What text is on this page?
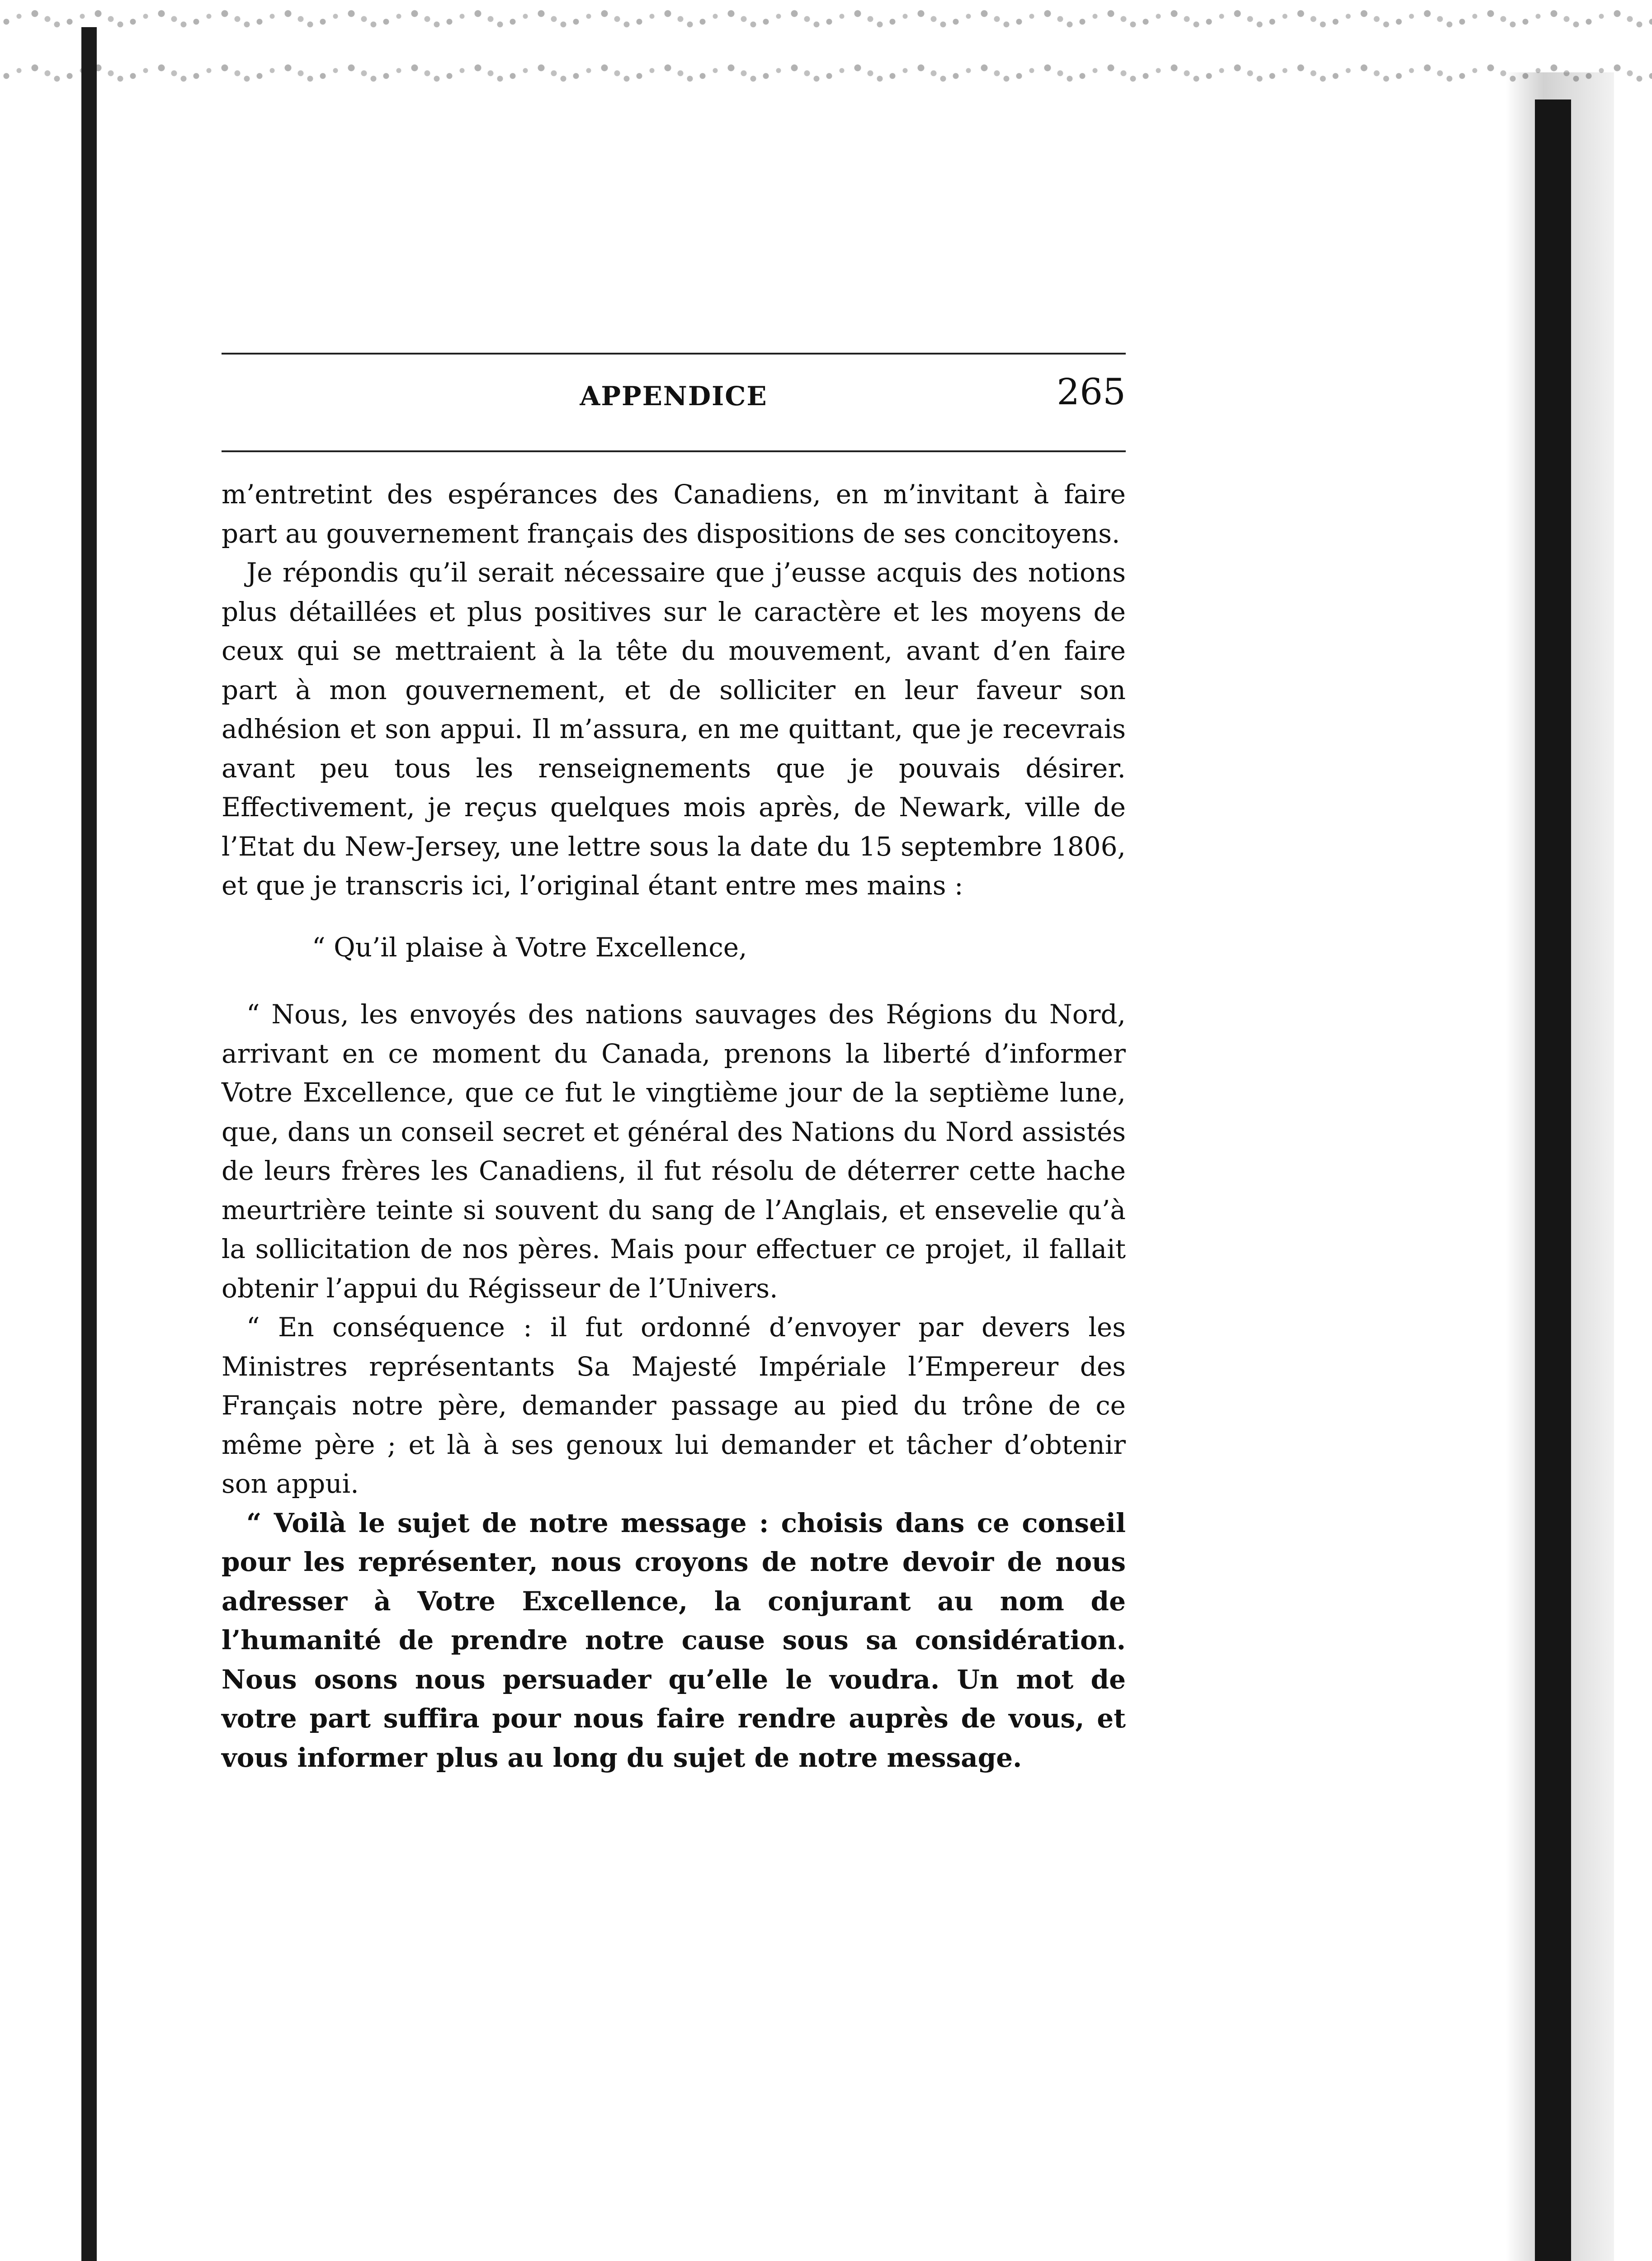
APPENDICE	265

m’entretint des espérances des Canadiens, en m’invitant à faire part au gouvernement français des dispositions de ses concitoyens.

Je répondis qu’il serait nécessaire que j’eusse acquis des notions plus détaillées et plus positives sur le caractère et les moyens de ceux qui se mettraient à la tête du mouvement, avant d’en faire part à mon gouvernement, et de solliciter en leur faveur son adhésion et son appui. Il m’assura, en me quittant, que je recevrais avant peu tous les renseignements que je pouvais désirer. Effectivement, je reçus quelques mois après, de Newark, ville de l’Etat du New-Jersey, une lettre sous la date du 15 septembre 1806, et que je transcris ici, l’original étant entre mes mains :

“ Qu’il plaise à Votre Excellence,

“ Nous, les envoyés des nations sauvages des Régions du Nord, arrivant en ce moment du Canada, prenons la liberté d’informer Votre Excellence, que ce fut le vingtième jour de la septième lune, que, dans un conseil secret et général des Nations du Nord assistés de leurs frères les Canadiens, il fut résolu de déterrer cette hache meurtrière teinte si souvent du sang de l’Anglais, et ensevelie qu’à la sollicitation de nos pères. Mais pour effectuer ce projet, il fallait obtenir l’appui du Régisseur de l’Univers.

“ En conséquence : il fut ordonné d’envoyer par devers les Ministres représentants Sa Majesté Impériale l’Empereur des Français notre père, demander passage au pied du trône de ce même père ; et là à ses genoux lui demander et tâcher d’obtenir son appui.

“ Voilà le sujet de notre message : choisis dans ce conseil pour les représenter, nous croyons de notre devoir de nous adresser à Votre Excellence, la conjurant au nom de l’humanité de prendre notre cause sous sa considération. Nous osons nous persuader qu’elle le voudra. Un mot de votre part suffira pour nous faire rendre auprès de vous, et vous informer plus au long du sujet de notre message.
